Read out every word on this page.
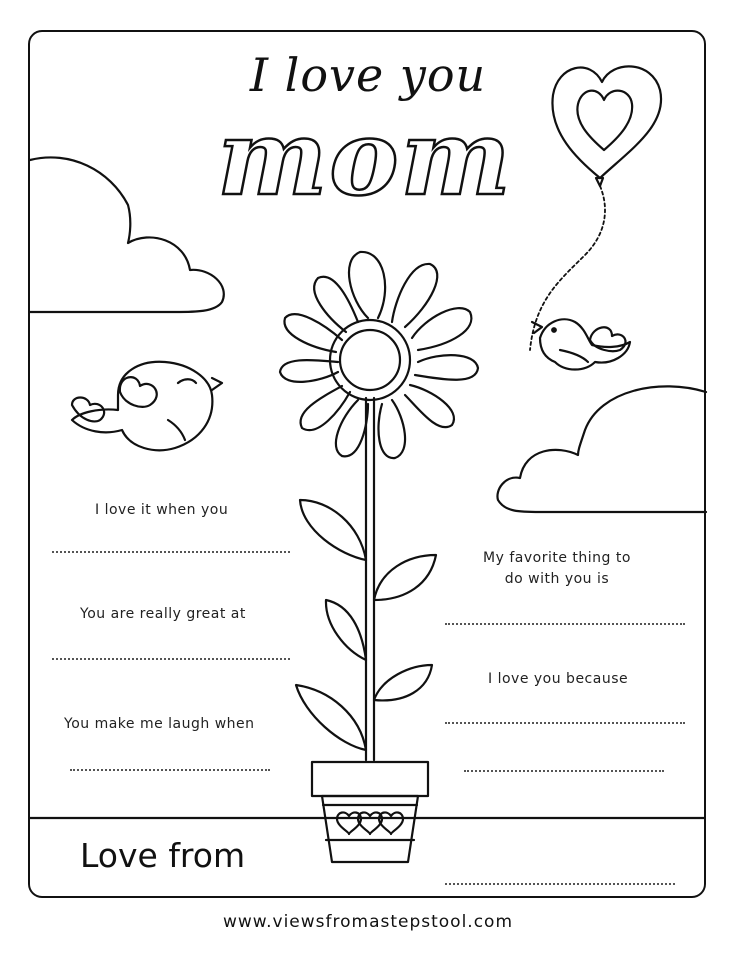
I love you
mom
I love it when you
You are really great at
You make me laugh when
My favorite thing to do with you is
I love you because
Love from
www.viewsfromastepstool.com
